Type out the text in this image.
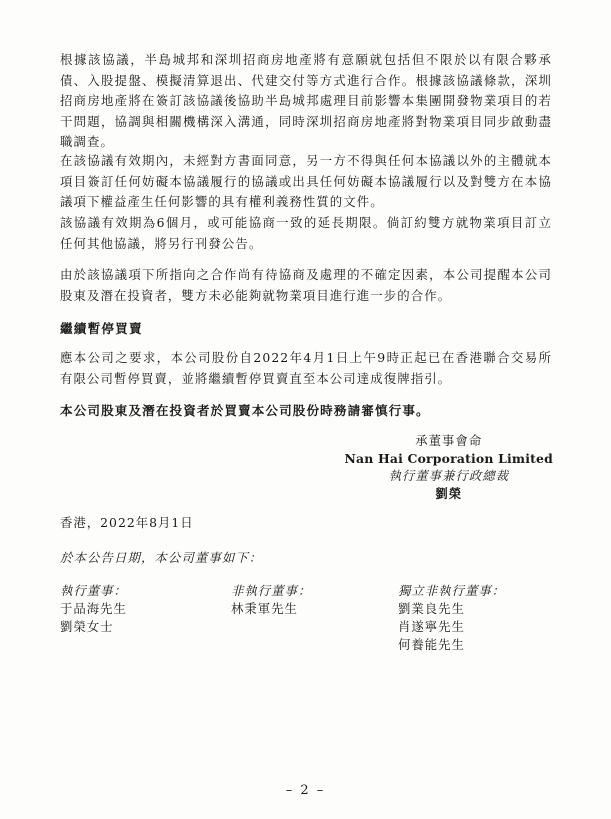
根據該協議，半島城邦和深圳招商房地產將有意願就包括但不限於以有限合夥承債、入股提盤、模擬清算退出、代建交付等方式進行合作。根據該協議條款，深圳招商房地產將在簽訂該協議後協助半島城邦處理目前影響本集團開發物業項目的若干問題，協調與相關機構深入溝通，同時深圳招商房地產將對物業項目同步啟動盡職調查。

在該協議有效期內，未經對方書面同意，另一方不得與任何本協議以外的主體就本項目簽訂任何妨礙本協議履行的協議或出具任何妨礙本協議履行以及對雙方在本協議項下權益產生任何影響的具有權利義務性質的文件。

該協議有效期為6個月，或可能協商一致的延長期限。倘訂約雙方就物業項目訂立任何其他協議，將另行刊發公告。

由於該協議項下所指向之合作尚有待協商及處理的不確定因素，本公司提醒本公司股東及潛在投資者，雙方未必能夠就物業項目進行進一步的合作。

繼續暫停買賣

應本公司之要求，本公司股份自2022年4月1日上午9時正起已在香港聯合交易所有限公司暫停買賣，並將繼續暫停買賣直至本公司達成復牌指引。

本公司股東及潛在投資者於買賣本公司股份時務請審慎行事。
承董事會命
Nan Hai Corporation Limited
執行董事兼行政總裁
劉榮
香港，2022年8月1日
於本公告日期，本公司董事如下：
執行董事：
于品海先生
劉榮女士
非執行董事：
林秉軍先生
獨立非執行董事：
劉業良先生
肖遂寧先生
何養能先生
– 2 –
